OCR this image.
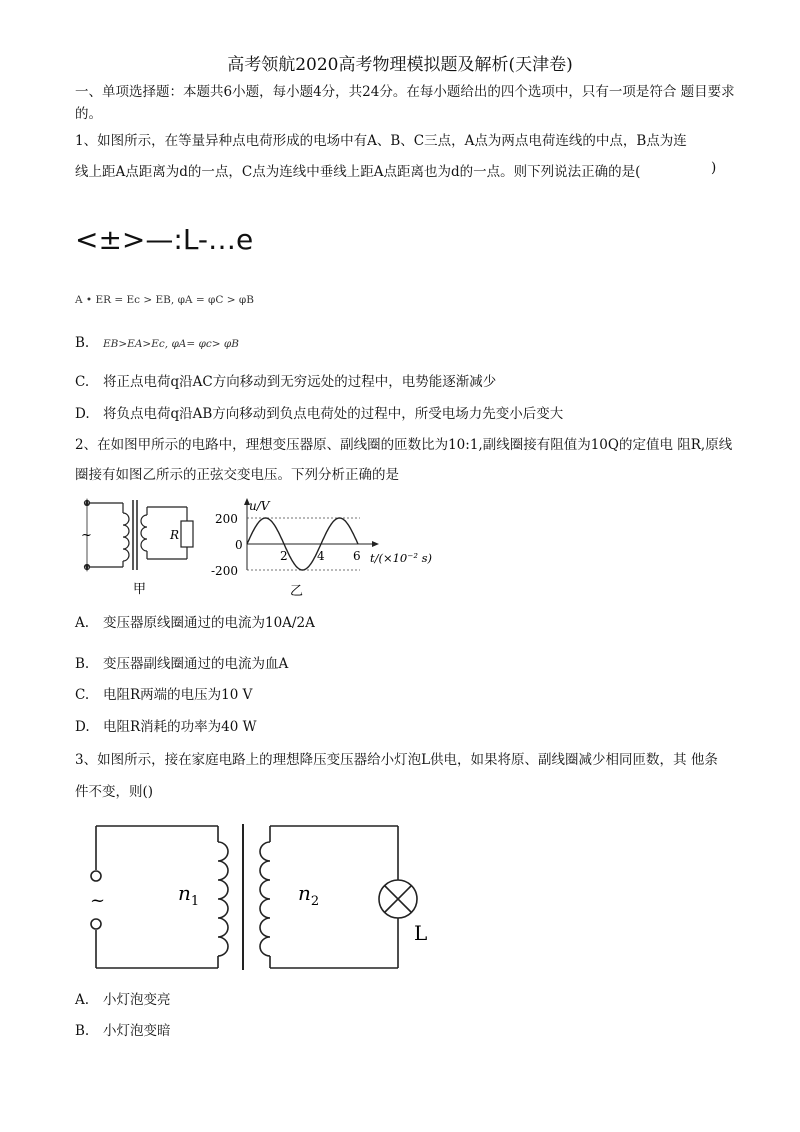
高考领航2020高考物理模拟题及解析(天津卷)
一、单项选择题：本题共6小题，每小题4分，共24分。在每小题给出的四个选项中，只有一项是符合 题目要求
的。
1、如图所示，在等量异种点电荷形成的电场中有A、B、C三点，A点为两点电荷连线的中点，B点为连
线上距A点距离为d的一点，C点为连线中垂线上距A点距离也为d的一点。则下列说法正确的是(	)
<±>—:L-…e
A • ER = Ec > EB, φA = φC > φB
B. EB>EA>Ec, φA= φc> φB
C. 将正点电荷q沿AC方向移动到无穷远处的过程中，电势能逐渐减少
D. 将负点电荷q沿AB方向移动到负点电荷处的过程中，所受电场力先变小后变大
2、在如图甲所示的电路中，理想变压器原、副线圈的匝数比为10:1,副线圈接有阻值为10Q的定值电 阻R,原线
圈接有如图乙所示的正弦交变电压。下列分析正确的是
~	R
甲
u/V
200
0
-200
2 4 6 t/(×10⁻² s)
乙
A. 变压器原线圈通过的电流为10A/2A
B. 变压器副线圈通过的电流为血A
C. 电阻R两端的电压为10 V
D. 电阻R消耗的功率为40 W
3、如图所示，接在家庭电路上的理想降压变压器给小灯泡L供电，如果将原、副线圈减少相同匝数，其 他条
件不变，则()
~	$n_1$	$n_2$
L
A. 小灯泡变亮
B. 小灯泡变暗
